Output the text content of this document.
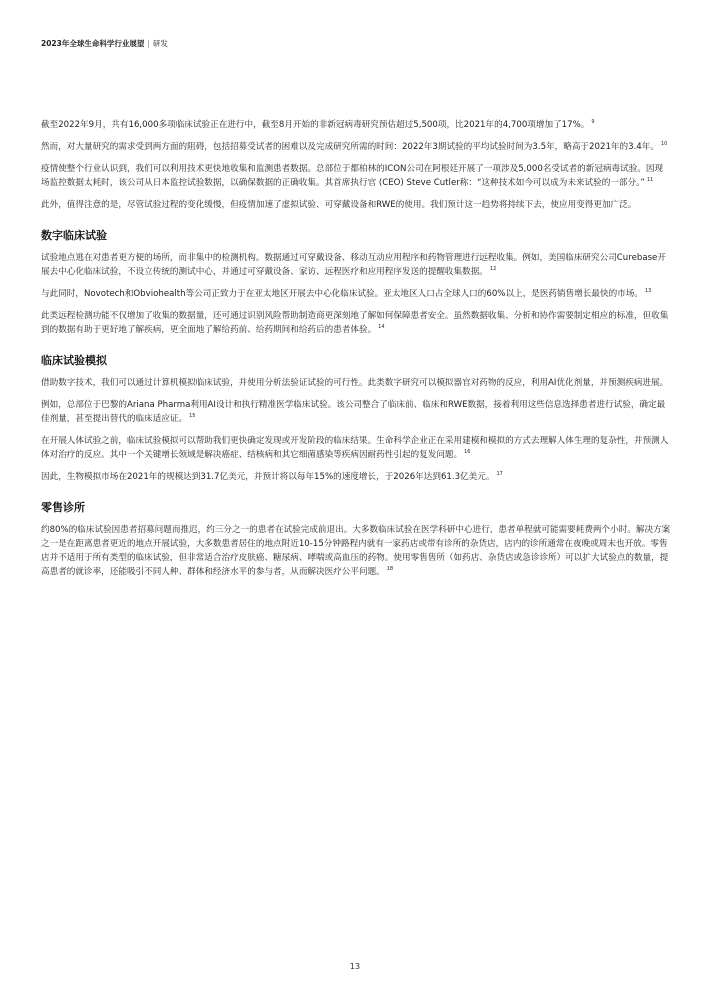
2023年全球生命科学行业展望 | 研发

截至2022年9月，共有16,000多项临床试验正在进行中，截至8月开始的非新冠病毒研究预估超过5,500项，比2021年的4,700项增加了17%。 $^9$

然而，对大量研究的需求受到两方面的阻碍，包括招募受试者的困难以及完成研究所需的时间：2022年3期试验的平均试验时间为3.5年，略高于2021年的3.4年。 $^{10}$

疫情使整个行业认识到，我们可以利用技术更快地收集和监测患者数据。总部位于都柏林的ICON公司在阿根廷开展了一项涉及5,000名受试者的新冠病毒试验。因现场监控数据太耗时，该公司从日本监控试验数据，以确保数据的正确收集。其首席执行官 (CEO) Steve Cutler称：“这种技术如今可以成为未来试验的一部分。” $^{11}$

此外，值得注意的是，尽管试验过程的变化缓慢，但疫情加速了虚拟试验、可穿戴设备和RWE的使用。我们预计这一趋势将持续下去，使应用变得更加广泛。

数字临床试验

试验地点逃在对患者更方便的场所，而非集中的检测机构。数据通过可穿戴设备、移动互动应用程序和药物管理进行远程收集。例如，美国临床研究公司Curebase开展去中心化临床试验，不设立传统的测试中心，并通过可穿戴设备、家访、远程医疗和应用程序发送的提醒收集数据。 $^{12}$

与此同时，Novotech和Obviohealth等公司正致力于在亚太地区开展去中心化临床试验。亚太地区人口占全球人口的60%以上，是医药销售增长最快的市场。 $^{13}$

此类远程检测功能不仅增加了收集的数据量，还可通过识别风险帮助制造商更深刻地了解如何保障患者安全。虽然数据收集、分析和协作需要制定相应的标准，但收集到的数据有助于更好地了解疾病，更全面地了解给药前、给药期间和给药后的患者体验。 $^{14}$

临床试验模拟

借助数字技术，我们可以通过计算机模拟临床试验，并使用分析法验证试验的可行性。此类数字研究可以模拟器官对药物的反应，利用AI优化剂量，并预测疾病进展。

例如，总部位于巴黎的Ariana Pharma利用AI设计和执行精准医学临床试验。该公司整合了临床前、临床和RWE数据，接着利用这些信息选择患者进行试验，确定最佳剂量，甚至提出替代的临床适应证。 $^{15}$

在开展人体试验之前，临床试验模拟可以帮助我们更快确定发现或开发阶段的临床结果。生命科学企业正在采用建模和模拟的方式去理解人体生理的复杂性，并预测人体对治疗的反应。其中一个关键增长领域是解决癌症、结核病和其它细菌感染等疾病因耐药性引起的复发问题。 $^{16}$

因此，生物模拟市场在2021年的规模达到31.7亿美元，并预计将以每年15%的速度增长，于2026年达到61.3亿美元。 $^{17}$

零售诊所

约80%的临床试验因患者招募问题而推迟，约三分之一的患者在试验完成前退出。大多数临床试验在医学科研中心进行，患者单程就可能需要耗费两个小时。解决方案之一是在距离患者更近的地点开展试验，大多数患者居住的地点附近10-15分钟路程内就有一家药店或带有诊所的杂货店，店内的诊所通常在夜晚或周末也开放。零售店并不适用于所有类型的临床试验，但非常适合治疗皮肤癌、糖尿病、哮喘或高血压的药物。使用零售售所（如药店、杂货店或急诊诊所）可以扩大试验点的数量，提高患者的就诊率，还能吸引不同人种、群体和经济水平的参与者，从而解决医疗公平问题。 $^{18}$

13
